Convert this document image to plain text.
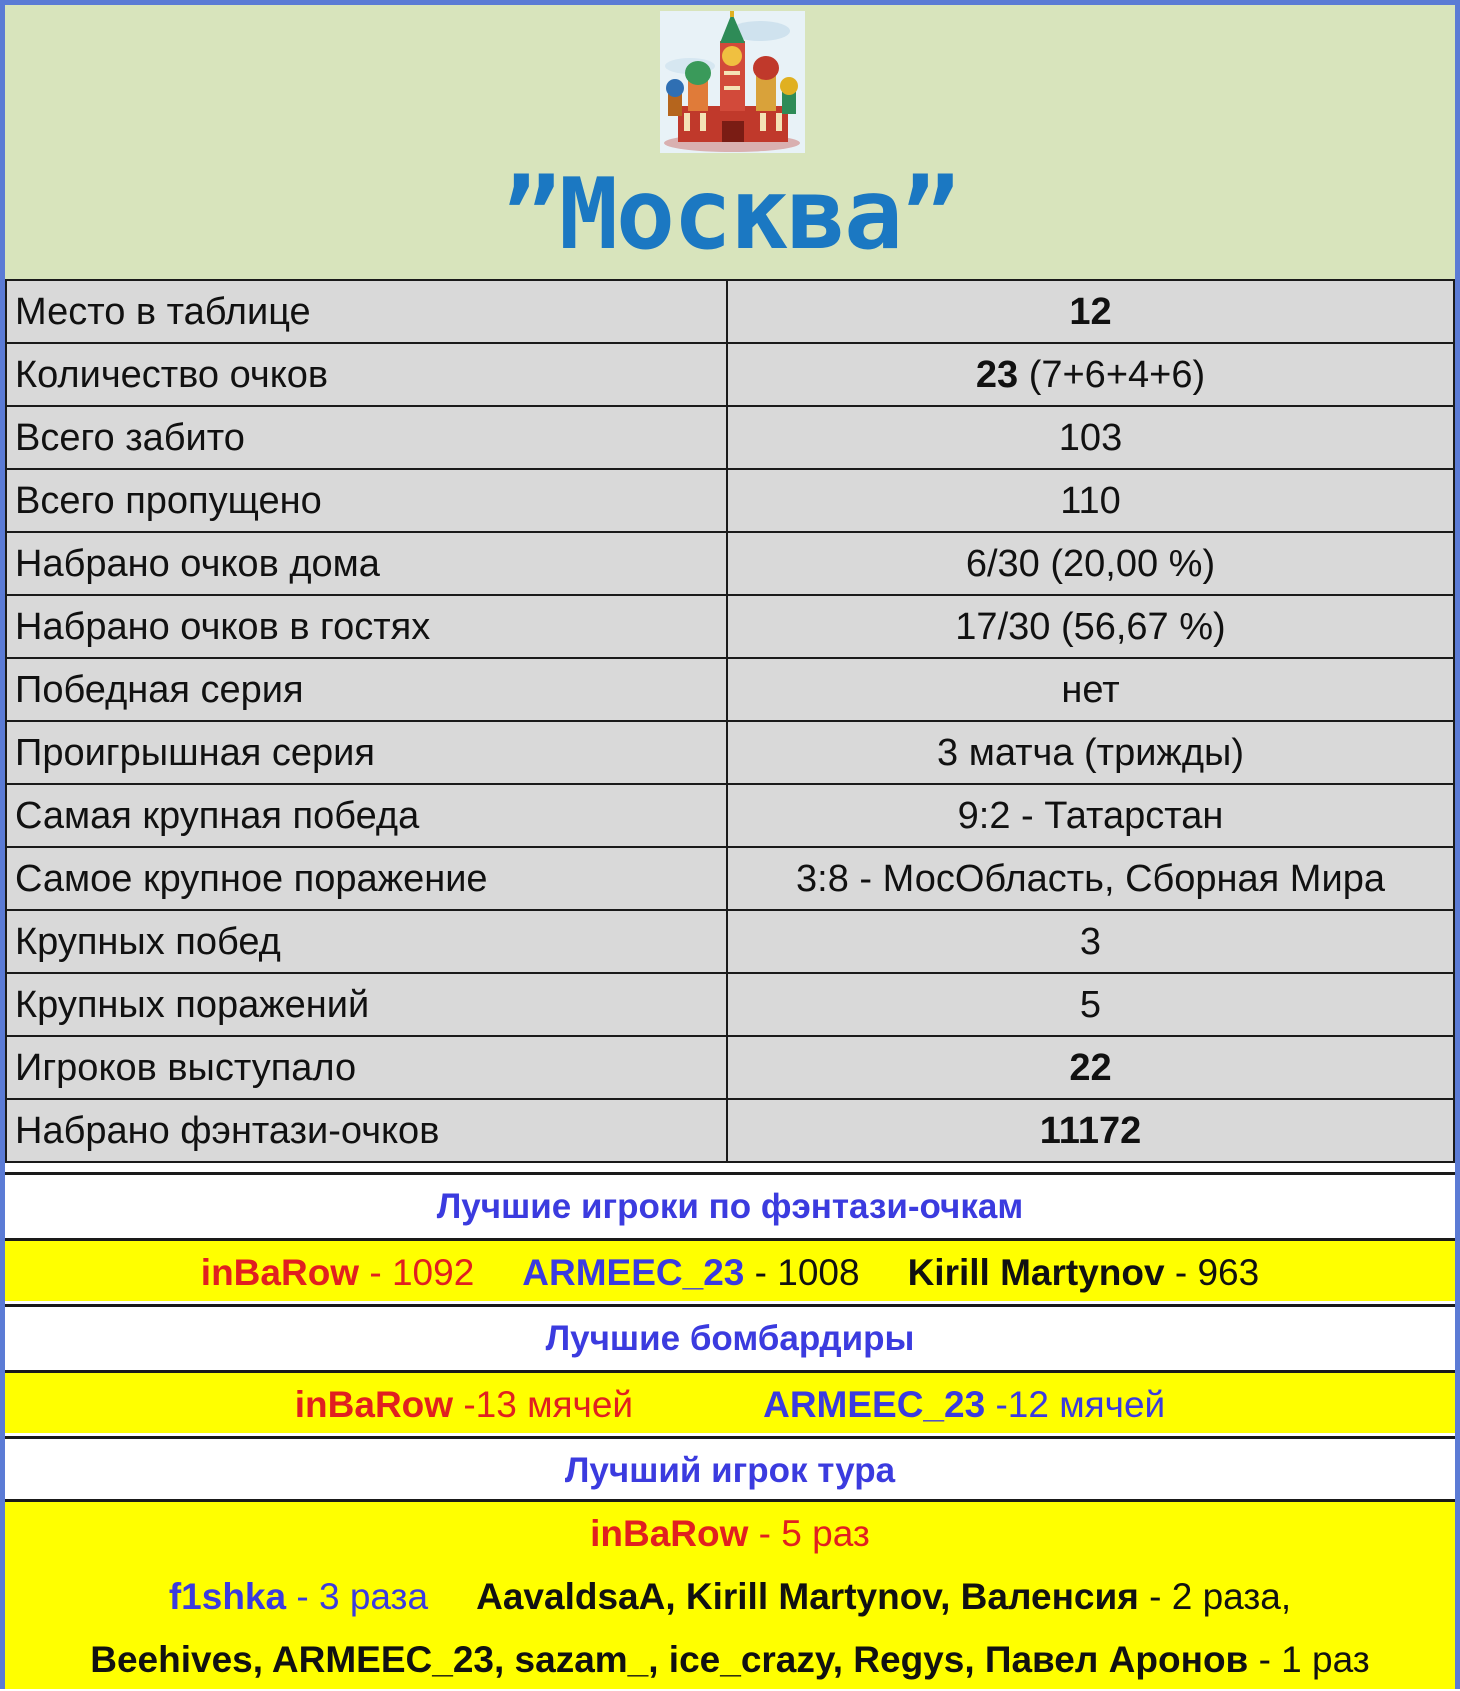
”Москва”
Место в таблице	12
Количество очков	23 (7+6+4+6)
Всего забито	103
Всего пропущено	110
Набрано очков дома	6/30 (20,00 %)
Набрано очков в гостях	17/30 (56,67 %)
Победная серия	нет
Проигрышная серия	3 матча (трижды)
Самая крупная победа	9:2 - Татарстан
Самое крупное поражение	3:8 - МосОбласть, Сборная Мира
Крупных побед	3
Крупных поражений	5
Игроков выступало	22
Набрано фэнтази-очков	11172
Лучшие игроки по фэнтази-очкам
inBaRow - 1092 ARMEEC_23 - 1008 Kirill Martynov - 963
Лучшие бомбардиры
inBaRow -13 мячей	ARMEEC_23 -12 мячей
Лучший игрок тура
inBaRow - 5 раз
f1shka - 3 раза AavaldsaA, Kirill Martynov, Валенсия - 2 раза,
Beehives, ARMEEC_23, sazam_, ice_crazy, Regys, Павел Аронов - 1 раз
